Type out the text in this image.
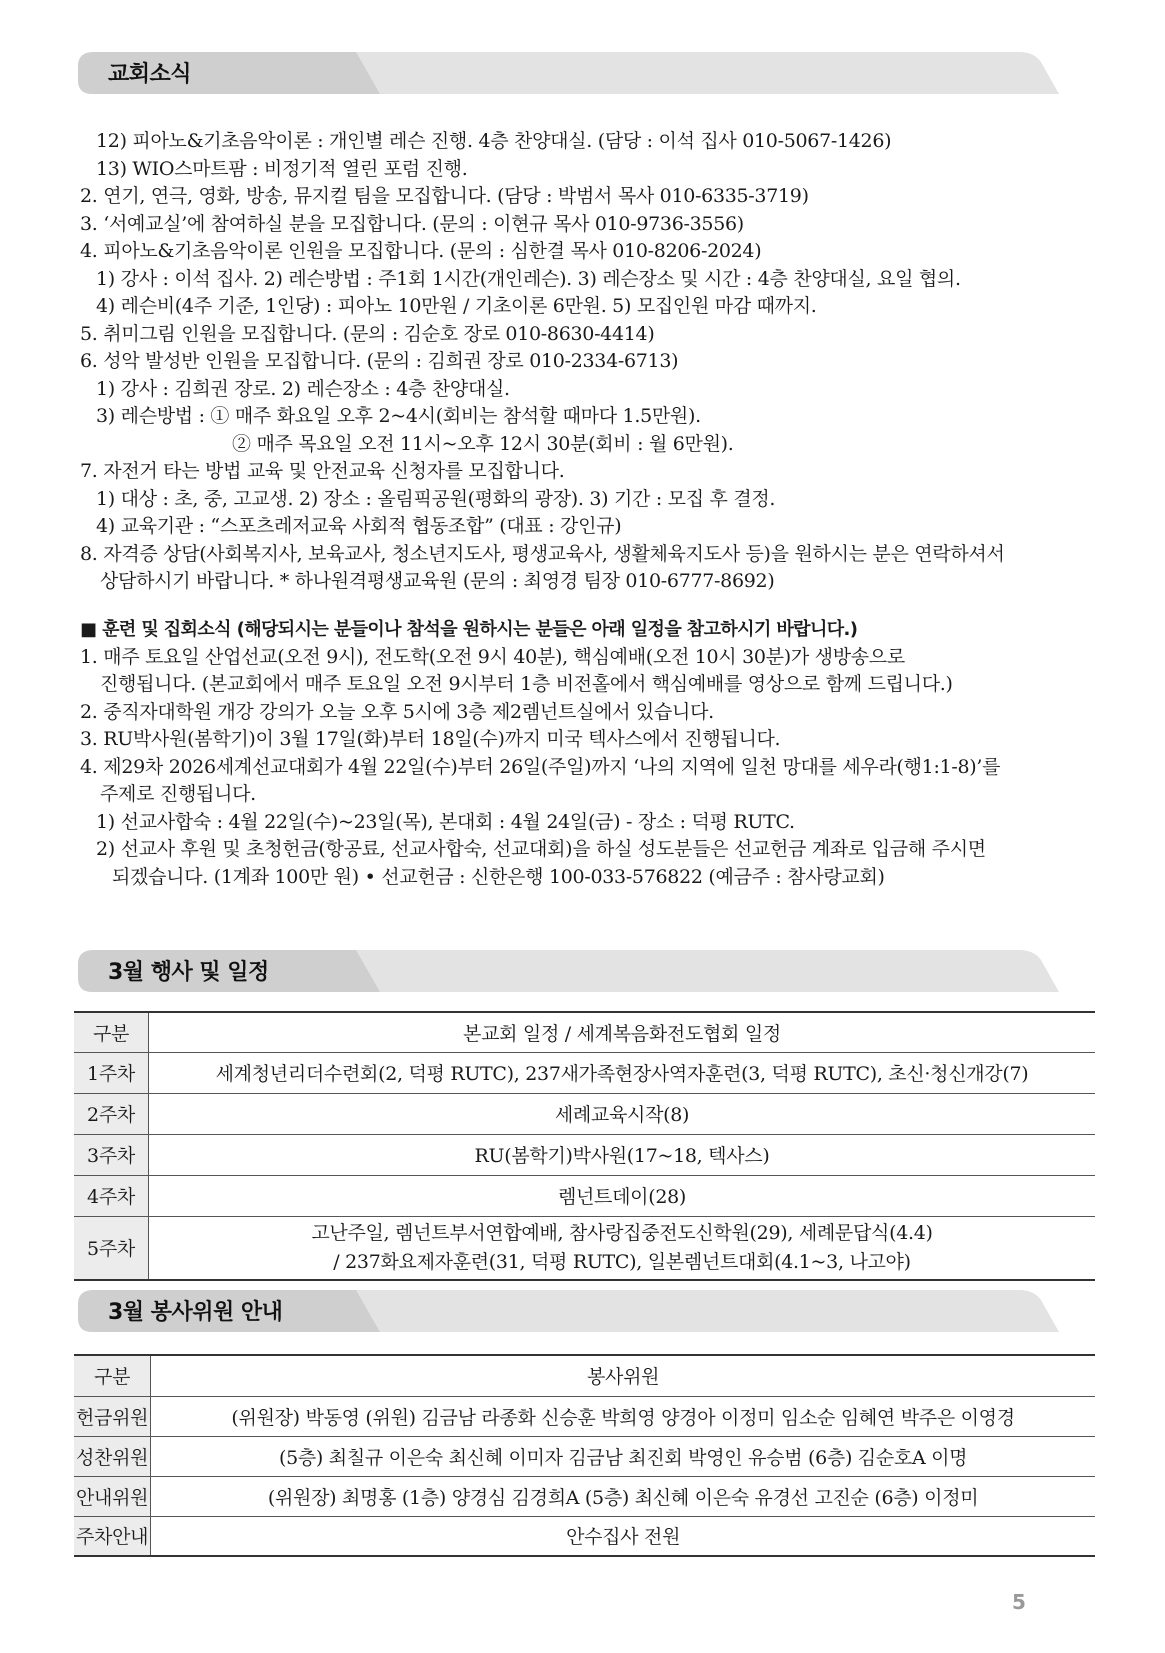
교회소식
12) 피아노&기초음악이론 : 개인별 레슨 진행. 4층 찬양대실. (담당 : 이석 집사 010-5067-1426)
13) WIO스마트팜 : 비정기적 열린 포럼 진행.
2. 연기, 연극, 영화, 방송, 뮤지컬 팀을 모집합니다. (담당 : 박범서 목사 010-6335-3719)
3. ‘서예교실’에 참여하실 분을 모집합니다. (문의 : 이현규 목사 010-9736-3556)
4. 피아노&기초음악이론 인원을 모집합니다. (문의 : 심한결 목사 010-8206-2024)
1) 강사 : 이석 집사. 2) 레슨방법 : 주1회 1시간(개인레슨). 3) 레슨장소 및 시간 : 4층 찬양대실, 요일 협의.
4) 레슨비(4주 기준, 1인당) : 피아노 10만원 / 기초이론 6만원. 5) 모집인원 마감 때까지.
5. 취미그림 인원을 모집합니다. (문의 : 김순호 장로 010-8630-4414)
6. 성악 발성반 인원을 모집합니다. (문의 : 김희권 장로 010-2334-6713)
1) 강사 : 김희권 장로. 2) 레슨장소 : 4층 찬양대실.
3) 레슨방법 : ① 매주 화요일 오후 2~4시(회비는 참석할 때마다 1.5만원).
② 매주 목요일 오전 11시~오후 12시 30분(회비 : 월 6만원).
7. 자전거 타는 방법 교육 및 안전교육 신청자를 모집합니다.
1) 대상 : 초, 중, 고교생. 2) 장소 : 올림픽공원(평화의 광장). 3) 기간 : 모집 후 결정.
4) 교육기관 : “스포츠레저교육 사회적 협동조합” (대표 : 강인규)
8. 자격증 상담(사회복지사, 보육교사, 청소년지도사, 평생교육사, 생활체육지도사 등)을 원하시는 분은 연락하셔서
상담하시기 바랍니다. * 하나원격평생교육원 (문의 : 최영경 팀장 010-6777-8692)
■ 훈련 및 집회소식 (해당되시는 분들이나 참석을 원하시는 분들은 아래 일정을 참고하시기 바랍니다.)
1. 매주 토요일 산업선교(오전 9시), 전도학(오전 9시 40분), 핵심예배(오전 10시 30분)가 생방송으로
진행됩니다. (본교회에서 매주 토요일 오전 9시부터 1층 비전홀에서 핵심예배를 영상으로 함께 드립니다.)
2. 중직자대학원 개강 강의가 오늘 오후 5시에 3층 제2렘넌트실에서 있습니다.
3. RU박사원(봄학기)이 3월 17일(화)부터 18일(수)까지 미국 텍사스에서 진행됩니다.
4. 제29차 2026세계선교대회가 4월 22일(수)부터 26일(주일)까지 ‘나의 지역에 일천 망대를 세우라(행1:1-8)’를
주제로 진행됩니다.
1) 선교사합숙 : 4월 22일(수)~23일(목), 본대회 : 4월 24일(금) - 장소 : 덕평 RUTC.
2) 선교사 후원 및 초청헌금(항공료, 선교사합숙, 선교대회)을 하실 성도분들은 선교헌금 계좌로 입금해 주시면
되겠습니다. (1계좌 100만 원) • 선교헌금 : 신한은행 100-033-576822 (예금주 : 참사랑교회)
3월 행사 및 일정
구분	본교회 일정 / 세계복음화전도협회 일정
1주차	세계청년리더수련회(2, 덕평 RUTC), 237새가족현장사역자훈련(3, 덕평 RUTC), 초신·청신개강(7)
2주차	세례교육시작(8)
3주차	RU(봄학기)박사원(17~18, 텍사스)
4주차	렘넌트데이(28)
5주차	고난주일, 렘넌트부서연합예배, 참사랑집중전도신학원(29), 세례문답식(4.4)
/ 237화요제자훈련(31, 덕평 RUTC), 일본렘넌트대회(4.1~3, 나고야)
3월 봉사위원 안내
구분	봉사위원
헌금위원	(위원장) 박동영 (위원) 김금남 라종화 신승훈 박희영 양경아 이정미 임소순 임혜연 박주은 이영경
성찬위원	(5층) 최칠규 이은숙 최신혜 이미자 김금남 최진회 박영인 유승범 (6층) 김순호A 이명
안내위원	(위원장) 최명홍 (1층) 양경심 김경희A (5층) 최신혜 이은숙 유경선 고진순 (6층) 이정미
주차안내	안수집사 전원
5
